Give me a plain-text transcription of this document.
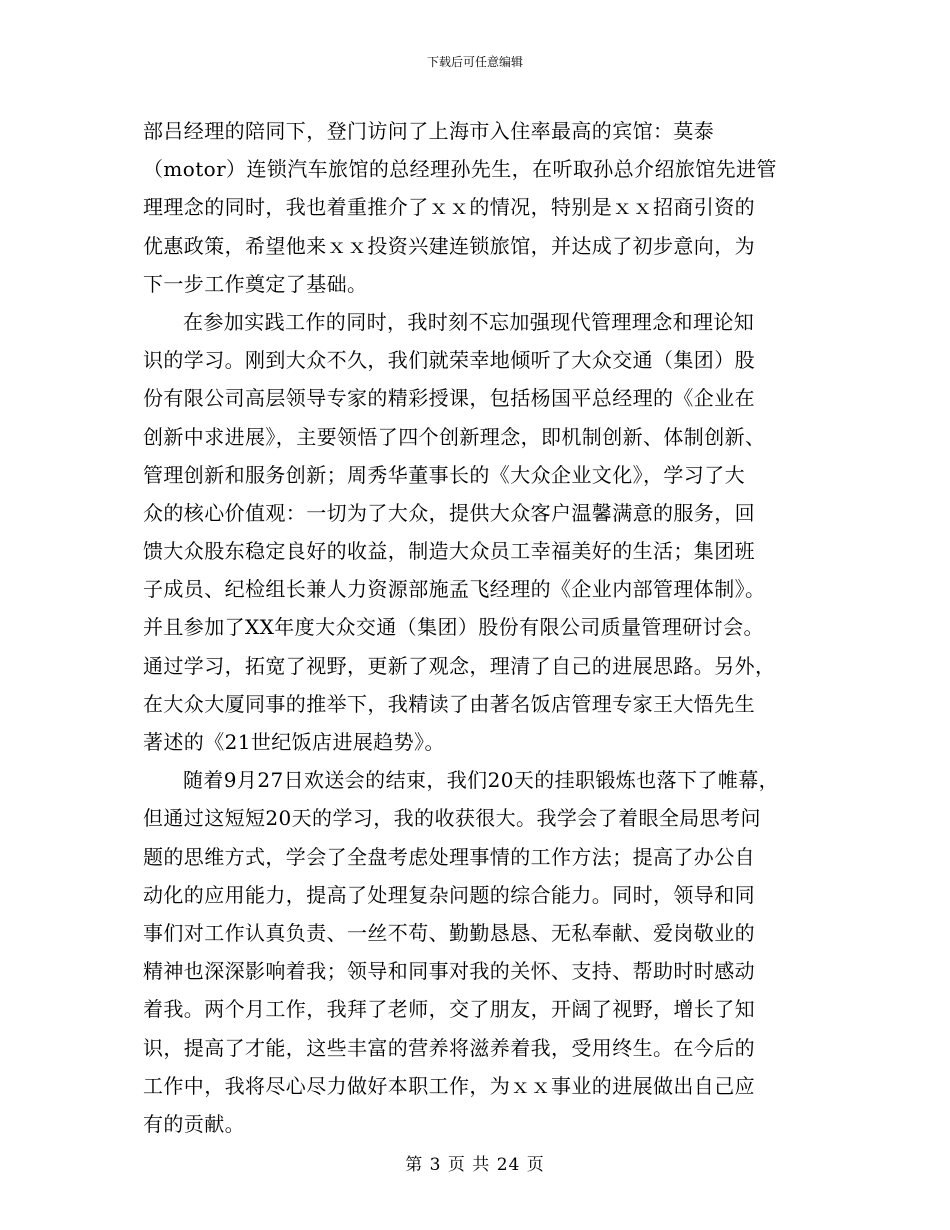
下载后可任意编辑
部吕经理的陪同下，登门访问了上海市入住率最高的宾馆：莫泰
（motor）连锁汽车旅馆的总经理孙先生，在听取孙总介绍旅馆先进管
理理念的同时，我也着重推介了ｘｘ的情况，特别是ｘｘ招商引资的
优惠政策，希望他来ｘｘ投资兴建连锁旅馆，并达成了初步意向，为
下一步工作奠定了基础。
在参加实践工作的同时，我时刻不忘加强现代管理理念和理论知
识的学习。刚到大众不久，我们就荣幸地倾听了大众交通（集团）股
份有限公司高层领导专家的精彩授课，包括杨国平总经理的《企业在
创新中求进展》，主要领悟了四个创新理念，即机制创新、体制创新、
管理创新和服务创新；周秀华董事长的《大众企业文化》，学习了大
众的核心价值观：一切为了大众，提供大众客户温馨满意的服务，回
馈大众股东稳定良好的收益，制造大众员工幸福美好的生活；集团班
子成员、纪检组长兼人力资源部施孟飞经理的《企业内部管理体制》。
并且参加了XX年度大众交通（集团）股份有限公司质量管理研讨会。
通过学习，拓宽了视野，更新了观念，理清了自己的进展思路。另外，
在大众大厦同事的推举下，我精读了由著名饭店管理专家王大悟先生
著述的《21世纪饭店进展趋势》。
随着9月27日欢送会的结束，我们20天的挂职锻炼也落下了帷幕，
但通过这短短20天的学习，我的收获很大。我学会了着眼全局思考问
题的思维方式，学会了全盘考虑处理事情的工作方法；提高了办公自
动化的应用能力，提高了处理复杂问题的综合能力。同时，领导和同
事们对工作认真负责、一丝不苟、勤勤恳恳、无私奉献、爱岗敬业的
精神也深深影响着我；领导和同事对我的关怀、支持、帮助时时感动
着我。两个月工作，我拜了老师，交了朋友，开阔了视野，增长了知
识，提高了才能，这些丰富的营养将滋养着我，受用终生。在今后的
工作中，我将尽心尽力做好本职工作，为ｘｘ事业的进展做出自己应
有的贡献。
第 3 页 共 24 页
